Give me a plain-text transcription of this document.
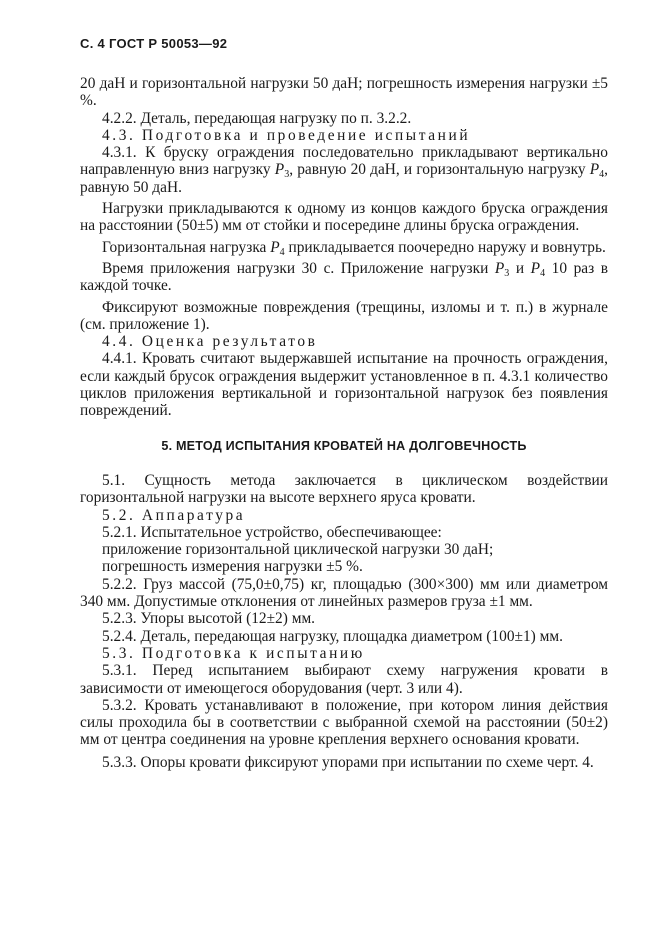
С. 4 ГОСТ Р 50053—92

20 даН и горизонтальной нагрузки 50 даН; погрешность измерения нагрузки ±5 %.

4.2.2. Деталь, передающая нагрузку по п. 3.2.2.

4.3. Подготовка и проведение испытаний

4.3.1. К бруску ограждения последовательно прикладывают вертикально направленную вниз нагрузку $P_3$, равную 20 даН, и горизонтальную нагрузку $P_4$, равную 50 даН.

Нагрузки прикладываются к одному из концов каждого бруска ограждения на расстоянии (50±5) мм от стойки и посередине длины бруска ограждения.

Горизонтальная нагрузка $P_4$ прикладывается поочередно наружу и вовнутрь.

Время приложения нагрузки 30 с. Приложение нагрузки $P_3$ и $P_4$ 10 раз в каждой точке.

Фиксируют возможные повреждения (трещины, изломы и т. п.) в журнале (см. приложение 1).

4.4. Оценка результатов

4.4.1. Кровать считают выдержавшей испытание на прочность ограждения, если каждый брусок ограждения выдержит установленное в п. 4.3.1 количество циклов приложения вертикальной и горизонтальной нагрузок без появления повреждений.

5. МЕТОД ИСПЫТАНИЯ КРОВАТЕЙ НА ДОЛГОВЕЧНОСТЬ

5.1. Сущность метода заключается в циклическом воздействии горизонтальной нагрузки на высоте верхнего яруса кровати.

5.2. Аппаратура

5.2.1. Испытательное устройство, обеспечивающее:

приложение горизонтальной циклической нагрузки 30 даН;

погрешность измерения нагрузки ±5 %.

5.2.2. Груз массой (75,0±0,75) кг, площадью (300×300) мм или диаметром 340 мм. Допустимые отклонения от линейных размеров груза ±1 мм.

5.2.3. Упоры высотой (12±2) мм.

5.2.4. Деталь, передающая нагрузку, площадка диаметром (100±1) мм.

5.3. Подготовка к испытанию

5.3.1. Перед испытанием выбирают схему нагружения кровати в зависимости от имеющегося оборудования (черт. 3 или 4).

5.3.2. Кровать устанавливают в положение, при котором линия действия силы проходила бы в соответствии с выбранной схемой на расстоянии (50±2) мм от центра соединения на уровне крепления верхнего основания кровати.

5.3.3. Опоры кровати фиксируют упорами при испытании по схеме черт. 4.
